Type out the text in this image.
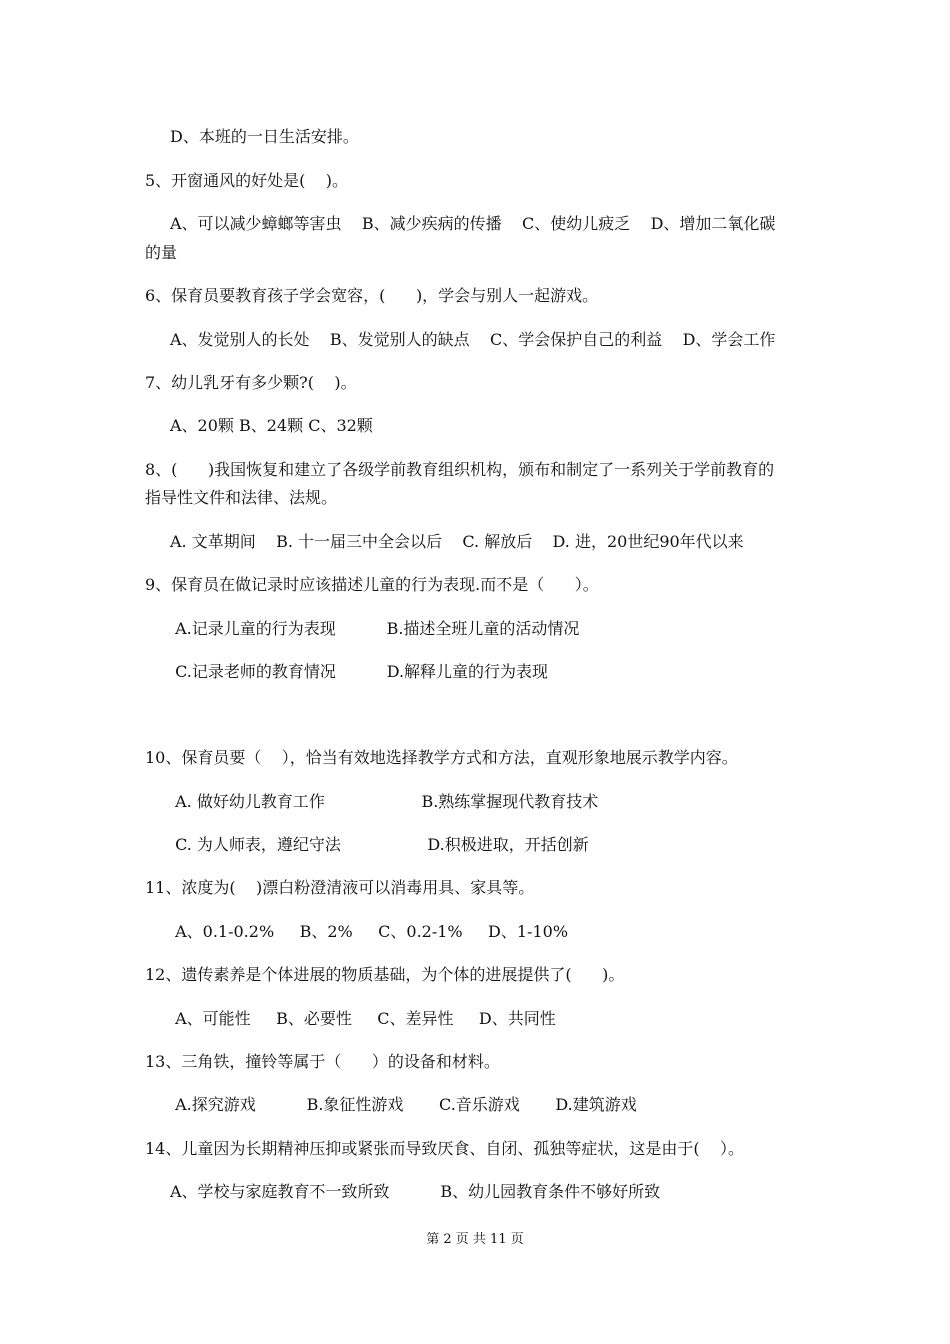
D、本班的一日生活安排。
5、开窗通风的好处是(    )。
A、可以减少蟑螂等害虫    B、减少疾病的传播    C、使幼儿疲乏    D、增加二氧化碳
的量
6、保育员要教育孩子学会宽容，(      )，学会与别人一起游戏。
A、发觉别人的长处    B、发觉别人的缺点    C、学会保护自己的利益    D、学会工作
7、幼儿乳牙有多少颗?(    )。
A、20颗 B、24颗 C、32颗
8、(      )我国恢复和建立了各级学前教育组织机构，颁布和制定了一系列关于学前教育的
指导性文件和法律、法规。
A. 文革期间    B. 十一届三中全会以后    C. 解放后    D. 进，20世纪90年代以来
9、保育员在做记录时应该描述儿童的行为表现.而不是（      ）。
A.记录儿童的行为表现          B.描述全班儿童的活动情况
C.记录老师的教育情况          D.解释儿童的行为表现
10、保育员要（    ），恰当有效地选择教学方式和方法，直观形象地展示教学内容。
A. 做好幼儿教育工作                   B.熟练掌握现代教育技术
C. 为人师表，遵纪守法                 D.积极进取，开括创新
11、浓度为(    )漂白粉澄清液可以消毒用具、家具等。
A、0.1-0.2%     B、2%     C、0.2-1%     D、1-10%
12、遗传素养是个体进展的物质基础，为个体的进展提供了(      )。
A、可能性     B、必要性     C、差异性     D、共同性
13、三角铁，撞铃等属于（      ）的设备和材料。
A.探究游戏          B.象征性游戏       C.音乐游戏       D.建筑游戏
14、儿童因为长期精神压抑或紧张而导致厌食、自闭、孤独等症状，这是由于(    ）。
A、学校与家庭教育不一致所致          B、幼儿园教育条件不够好所致
第 2 页 共 11 页
